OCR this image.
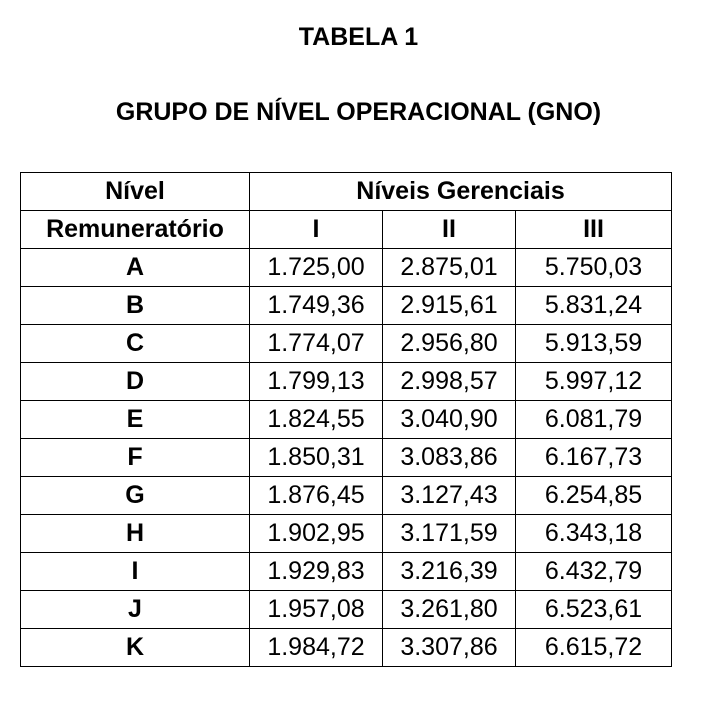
TABELA 1
GRUPO DE NÍVEL OPERACIONAL (GNO)
Nível	Níveis Gerenciais		
Remuneratório	I	II	III
A	1.725,00	2.875,01	5.750,03
B	1.749,36	2.915,61	5.831,24
C	1.774,07	2.956,80	5.913,59
D	1.799,13	2.998,57	5.997,12
E	1.824,55	3.040,90	6.081,79
F	1.850,31	3.083,86	6.167,73
G	1.876,45	3.127,43	6.254,85
H	1.902,95	3.171,59	6.343,18
I	1.929,83	3.216,39	6.432,79
J	1.957,08	3.261,80	6.523,61
K	1.984,72	3.307,86	6.615,72
